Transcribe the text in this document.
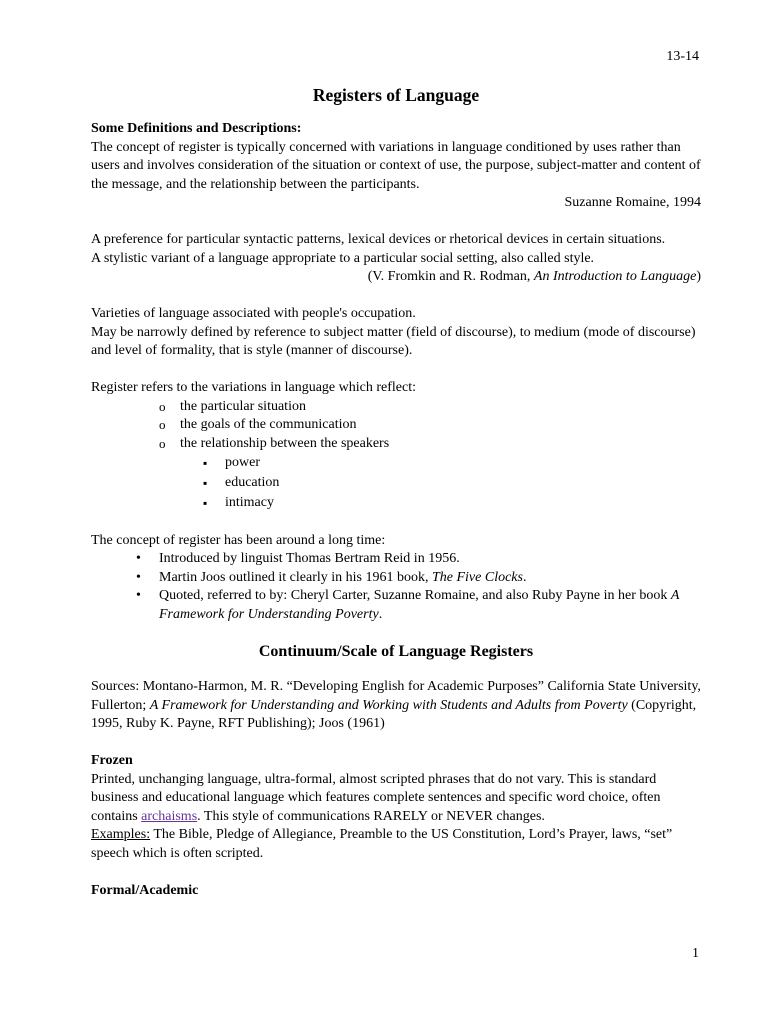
13-14
Registers of Language

Some Definitions and Descriptions:

The concept of register is typically concerned with variations in language conditioned by uses rather than users and involves consideration of the situation or context of use, the purpose, subject-matter and content of the message, and the relationship between the participants.

Suzanne Romaine, 1994

A preference for particular syntactic patterns, lexical devices or rhetorical devices in certain situations.

A stylistic variant of a language appropriate to a particular social setting, also called style.

(V. Fromkin and R. Rodman, An Introduction to Language)

Varieties of language associated with people's occupation.

May be narrowly defined by reference to subject matter (field of discourse), to medium (mode of discourse) and level of formality, that is style (manner of discourse).

Register refers to the variations in language which reflect:

o the particular situation
o the goals of the communication
o the relationship between the speakers
▪ power
▪ education
▪ intimacy

The concept of register has been around a long time:

• Introduced by linguist Thomas Bertram Reid in 1956.
• Martin Joos outlined it clearly in his 1961 book, The Five Clocks.
• Quoted, referred to by: Cheryl Carter, Suzanne Romaine, and also Ruby Payne in her book A Framework for Understanding Poverty.
Continuum/Scale of Language Registers

Sources: Montano-Harmon, M. R. “Developing English for Academic Purposes” California State University, Fullerton; A Framework for Understanding and Working with Students and Adults from Poverty (Copyright, 1995, Ruby K. Payne, RFT Publishing); Joos (1961)

Frozen

Printed, unchanging language, ultra-formal, almost scripted phrases that do not vary. This is standard business and educational language which features complete sentences and specific word choice, often contains archaisms. This style of communications RARELY or NEVER changes.

Examples: The Bible, Pledge of Allegiance, Preamble to the US Constitution, Lord’s Prayer, laws, “set” speech which is often scripted.

Formal/Academic

1
